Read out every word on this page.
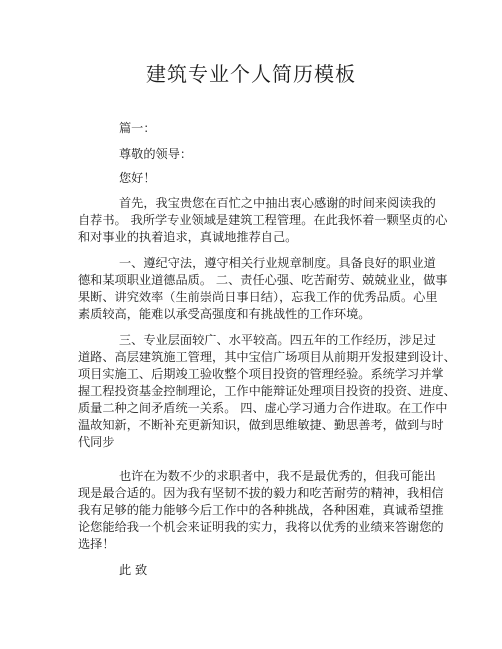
建筑专业个人简历模板
篇一：
尊敬的领导：
您好！
首先，我宝贵您在百忙之中抽出衷心感谢的时间来阅读我的
自荐书。 我所学专业领域是建筑工程管理。在此我怀着一颗坚贞的心
和对事业的执着追求，真诚地推荐自己。
一、遵纪守法，遵守相关行业规章制度。具备良好的职业道
德和某项职业道德品质。 二、责任心强、吃苦耐劳、兢兢业业，做事
果断、讲究效率（生前崇尚日事日结），忘我工作的优秀品质。心里
素质较高，能难以承受高强度和有挑战性的工作环境。
三、专业层面较广、水平较高。四五年的工作经历，涉足过
道路、高层建筑施工管理，其中宝信广场项目从前期开发报建到设计、
项目实施工、后期竣工验收整个项目投资的管理经验。系统学习并掌
握工程投资基金控制理论，工作中能辩证处理项目投资的投资、进度、
质量二种之间矛盾统一关系。 四、虚心学习通力合作进取。在工作中
温故知新，不断补充更新知识，做到思维敏捷、勤思善考，做到与时
代同步
也许在为数不少的求职者中，我不是最优秀的，但我可能出
现是最合适的。因为我有坚韧不拔的毅力和吃苦耐劳的精神，我相信
我有足够的能力能够今后工作中的各种挑战，各种困难，真诚希望推
论您能给我一个机会来证明我的实力，我将以优秀的业绩来答谢您的
选择！
此 致
